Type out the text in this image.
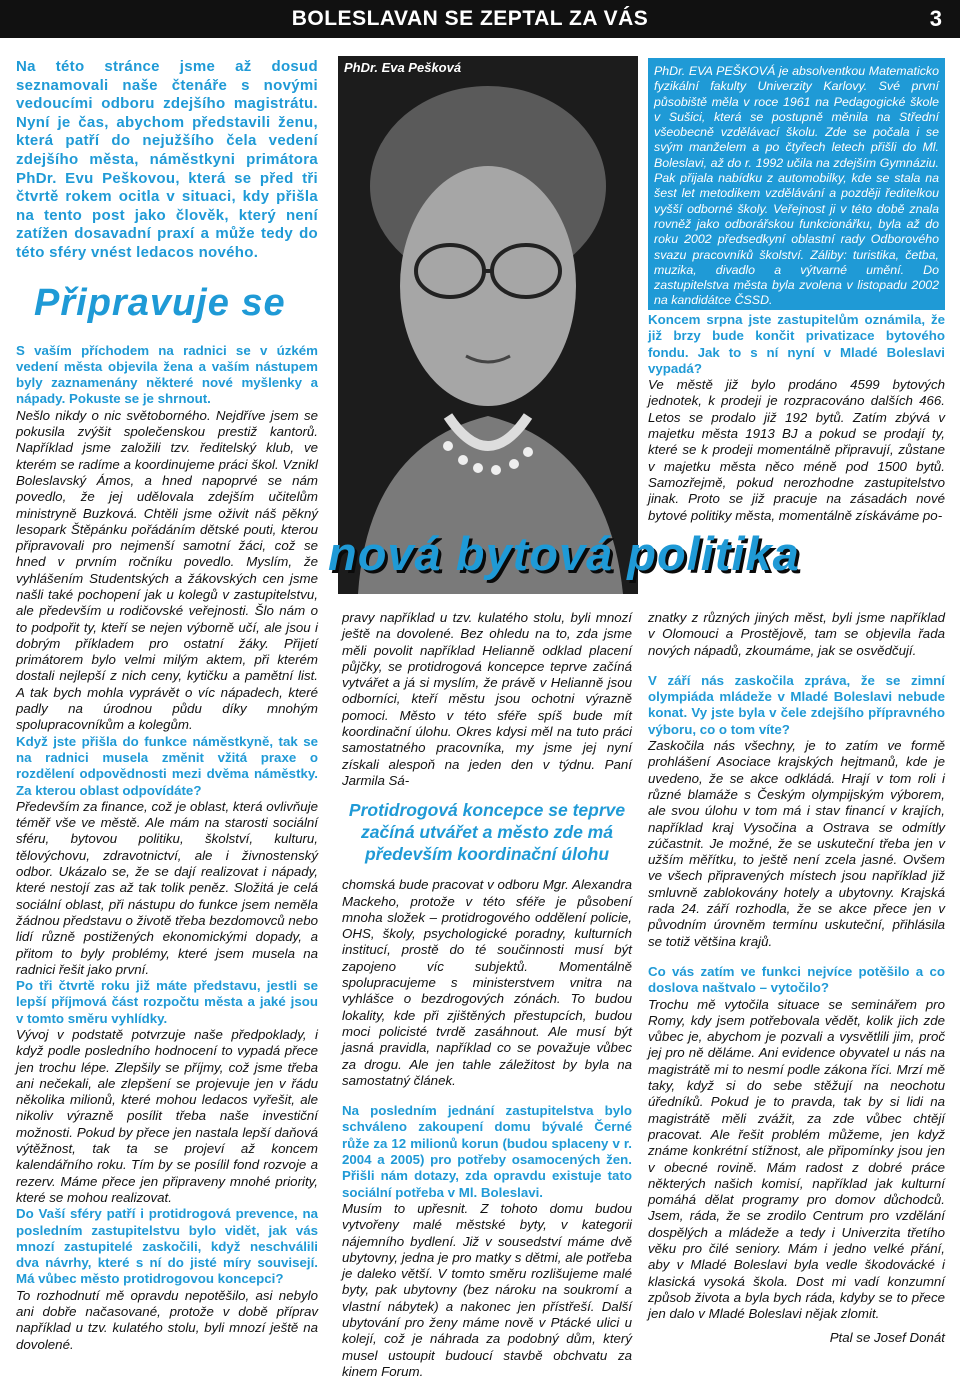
BOLESLAVAN SE ZEPTAL ZA VÁS	3

Na této stránce jsme až dosud seznamovali naše čtenáře s novými vedoucími odboru zdejšího magistrátu. Nyní je čas, abychom představili ženu, která patří do nejužšího čela vedení zdejšího města, náměstkyni primátora PhDr. Evu Peškovou, která se před tři čtvrtě rokem ocitla v situaci, kdy přišla na tento post jako člověk, který není zatížen dosavadní praxí a může tedy do této sféry vnést ledacos nového.

Připravuje se

S vaším příchodem na radnici se v úzkém vedení města objevila žena a vaším nástupem byly zaznamenány některé nové myšlenky a nápady. Pokuste se je shrnout.

Nešlo nikdy o nic světoborného. Nejdříve jsem se pokusila zvýšit společenskou prestiž kantorů. Například jsme založili tzv. ředitelský klub, ve kterém se radíme a koordinujeme práci škol. Vznikl Boleslavský Ámos, a hned napoprvé se nám povedlo, že jej udělovala zdejším učitelům ministryně Buzková. Chtěli jsme oživit náš pěkný lesopark Štěpánku pořádáním dětské pouti, kterou připravovali pro nejmenší samotní žáci, což se hned v prvním ročníku povedlo. Myslím, že vyhlášením Studentských a žákovských cen jsme našli také pochopení jak u kolegů v zastupitelstvu, ale především u rodičovské veřejnosti. Šlo nám o to podpořit ty, kteří se nejen výborně učí, ale jsou i dobrým příkladem pro ostatní žáky. Přijetí primátorem bylo velmi milým aktem, při kterém dostali nejlepší z nich ceny, kytičku a pamětní list. A tak bych mohla vyprávět o víc nápadech, které padly na úrodnou půdu díky mnohým spolupracovníkům a kolegům.

Když jste přišla do funkce náměstkyně, tak se na radnici musela změnit vžitá praxe o rozdělení odpovědnosti mezi dvěma náměstky. Za kterou oblast odpovídáte?

Především za finance, což je oblast, která ovlivňuje téměř vše ve městě. Ale mám na starosti sociální sféru, bytovou politiku, školství, kulturu, tělovýchovu, zdravotnictví, ale i živnostenský odbor. Ukázalo se, že se dají realizovat i nápady, které nestojí zas až tak tolik peněz. Složitá je celá sociální oblast, při nástupu do funkce jsem neměla žádnou představu o životě třeba bezdomovců nebo lidí různě postižených ekonomickými dopady, a přitom to byly problémy, které jsem musela na radnici řešit jako první.

Po tři čtvrtě roku již máte představu, jestli se lepší příjmová část rozpočtu města a jaké jsou v tomto směru vyhlídky.

Vývoj v podstatě potvrzuje naše předpoklady, i když podle posledního hodnocení to vypadá přece jen trochu lépe. Zlepšily se příjmy, což jsme třeba ani nečekali, ale zlepšení se projevuje jen v řádu několika milionů, které mohou ledacos vyřešit, ale nikoliv výrazně posílit třeba naše investiční možnosti. Pokud by přece jen nastala lepší daňová výtěžnost, tak ta se projeví až koncem kalendářního roku. Tím by se posílil fond rozvoje a rezerv. Máme přece jen připraveny mnohé priority, které se mohou realizovat.

Do Vaší sféry patří i protidrogová prevence, na posledním zastupitelstvu bylo vidět, jak vás mnozí zastupitelé zaskočili, když neschválili dva návrhy, které s ní do jisté míry souvisejí. Má vůbec město protidrogovou koncepci?

To rozhodnutí mě opravdu nepotěšilo, asi nebylo ani dobře načasované, protože v době příprav například u tzv. kulatého stolu, byli mnozí ještě na dovolené.

PhDr. Eva Pešková	PhDr. EVA PEŠKOVÁ je absolventkou Matematicko fyzikální fakulty Univerzity Karlovy. Své první působiště měla v roce 1961 na Pedagogické škole v Sušici, která se postupně měnila na Střední všeobecně vzdělávací školu. Zde se počala i se svým manželem a po čtyřech letech přišli do Ml. Boleslavi, až do r. 1992 učila na zdejším Gymnáziu. Pak přijala nabídku z automobilky, kde se stala na šest let metodikem vzdělávání a později ředitelkou vyšší odborné školy. Veřejnost ji v této době znala rovněž jako odborářskou funkcionářku, byla až do roku 2002 předsedkyní oblastní rady Odborového svazu pracovníků školství. Záliby: turistika, četba, muzika, divadlo a výtvarné umění. Do zastupitelstva města byla zvolena v listopadu 2002 na kandidátce ČSSD.

Koncem srpna jste zastupitelům oznámila, že již brzy bude končit privatizace bytového fondu. Jak to s ní nyní v Mladé Boleslavi vypadá?

Ve městě již bylo prodáno 4599 bytových jednotek, k prodeji je rozpracováno dalších 466. Letos se prodalo již 192 bytů. Zatím zbývá v majetku města 1913 BJ a pokud se prodají ty, které se k prodeji momentálně připravují, zůstane v majetku města něco méně pod 1500 bytů. Samozřejmě, pokud nerozhodne zastupitelstvo jinak. Proto se již pracuje na zásadách nové bytové politiky města, momentálně získáváme po-

nová bytová politika

pravy například u tzv. kulatého stolu, byli mnozí ještě na dovolené. Bez ohledu na to, zda jsme měli povolit například Helianně odklad placení půjčky, se protidrogová koncepce teprve začíná vytvářet a já si myslím, že právě v Helianně jsou odborníci, kteří městu jsou ochotni výrazně pomoci. Město v této sféře spíš bude mít koordinační úlohu. Okres kdysi měl na tuto práci samostatného pracovníka, my jsme jej nyní získali alespoň na jeden den v týdnu. Paní Jarmila Sá-

Protidrogová koncepce se teprve začíná utvářet a město zde má především koordinační úlohu

chomská bude pracovat v odboru Mgr. Alexandra Mackeho, protože v této sféře je působení mnoha složek – protidrogového oddělení policie, OHS, školy, psychologické poradny, kulturních institucí, prostě do té součinnosti musí být zapojeno víc subjektů. Momentálně spolupracujeme s ministerstvem vnitra na vyhlášce o bezdrogových zónách. To budou lokality, kde při zjištěných přestupcích, budou moci policisté tvrdě zasáhnout. Ale musí být jasná pravidla, například co se považuje vůbec za drogu. Ale jen tahle záležitost by byla na samostatný článek.

Na posledním jednání zastupitelstva bylo schváleno zakoupení domu bývalé Černé růže za 12 milionů korun (budou splaceny v r. 2004 a 2005) pro potřeby osamocených žen. Přišli nám dotazy, zda opravdu existuje tato sociální potřeba v Ml. Boleslavi.

Musím to upřesnit. Z tohoto domu budou vytvořeny malé městské byty, v kategorii nájemního bydlení. Již v sousedství máme dvě ubytovny, jedna je pro matky s dětmi, ale potřeba je daleko větší. V tomto směru rozlišujeme malé byty, pak ubytovny (bez nároku na soukromí a vlastní nábytek) a nakonec jen přístřeší. Další ubytování pro ženy máme nově v Ptácké ulici u kolejí, což je náhrada za podobný dům, který musel ustoupit budoucí stavbě obchvatu za kinem Forum.

znatky z různých jiných měst, byli jsme například v Olomouci a Prostějově, tam se objevila řada nových nápadů, zkoumáme, jak se osvědčují.

V září nás zaskočila zpráva, že se zimní olympiáda mládeže v Mladé Boleslavi nebude konat. Vy jste byla v čele zdejšího přípravného výboru, co o tom víte?

Zaskočila nás všechny, je to zatím ve formě prohlášení Asociace krajských hejtmanů, kde je uvedeno, že se akce odkládá. Hrají v tom roli i různé blamáže s Českým olympijským výborem, ale svou úlohu v tom má i stav financí v krajích, například kraj Vysočina a Ostrava se odmítly zúčastnit. Je možné, že se uskuteční třeba jen v užším měřítku, to ještě není zcela jasné. Ovšem ve všech připravených místech jsou například již smluvně zablokovány hotely a ubytovny. Krajská rada 24. září rozhodla, že se akce přece jen v původním úrovněm termínu uskuteční, přihlásila se totiž většina krajů.

Co vás zatím ve funkci nejvíce potěšilo a co doslova naštvalo – vytočilo?

Trochu mě vytočila situace se seminářem pro Romy, kdy jsem potřebovala vědět, kolik jich zde vůbec je, abychom je pozvali a vysvětlili jim, proč jej pro ně děláme. Ani evidence obyvatel u nás na magistrátě mi to nesmí podle zákona říci. Mrzí mě taky, když si do sebe stěžují na neochotu úředníků. Pokud je to pravda, tak by si lidi na magistrátě měli zvážit, za zde vůbec chtějí pracovat. Ale řešit problém můžeme, jen když známe konkrétní stížnost, ale připomínky jsou jen v obecné rovině. Mám radost z dobré práce některých našich komisí, například jak kulturní pomáhá dělat programy pro domov důchodců. Jsem, ráda, že se zrodilo Centrum pro vzdělání dospělých a mládeže a tedy i Univerzita třetího věku pro čilé seniory. Mám i jedno velké přání, aby v Mladé Boleslavi byla vedle škodovácké i klasická vysoká škola. Dost mi vadí konzumní způsob života a byla bych ráda, kdyby se to přece jen dalo v Mladé Boleslavi nějak zlomit.

Ptal se Josef Donát
